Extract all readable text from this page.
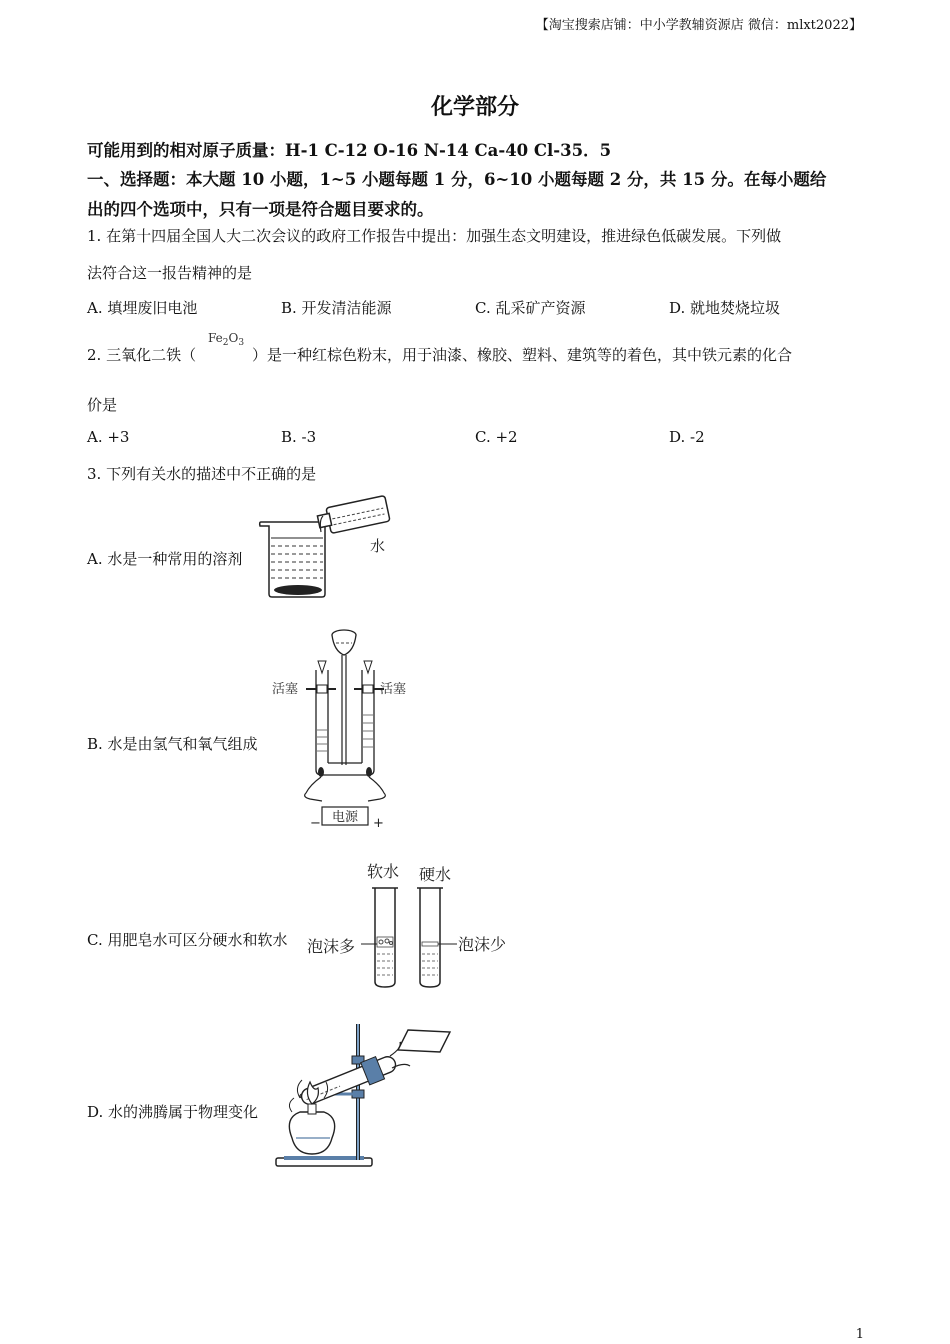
【淘宝搜索店铺：中小学教辅资源店 微信：mlxt2022】
化学部分
可能用到的相对原子质量：H-1 C-12 O-16 N-14 Ca-40 Cl-35．5
一、选择题：本大题 10 小题，1~5 小题每题 1 分，6~10 小题每题 2 分，共 15 分。在每小题给
出的四个选项中，只有一项是符合题目要求的。
1. 在第十四届全国人大二次会议的政府工作报告中提出：加强生态文明建设，推进绿色低碳发展。下列做
法符合这一报告精神的是
A. 填埋废旧电池	B. 开发清洁能源	C. 乱采矿产资源	D. 就地焚烧垃圾
2. 三氧化二铁（
$Fe_2O_3$
）是一种红棕色粉末，用于油漆、橡胶、塑料、建筑等的着色，其中铁元素的化合
价是
A. +3	B. -3	C. +2	D. -2
3. 下列有关水的描述中不正确的是
A. 水是一种常用的溶剂
B. 水是由氢气和氧气组成
C. 用肥皂水可区分硬水和软水
D. 水的沸腾属于物理变化
水
活塞	活塞
电源
−	+
软水 硬水
泡沫多	泡沫少
1
